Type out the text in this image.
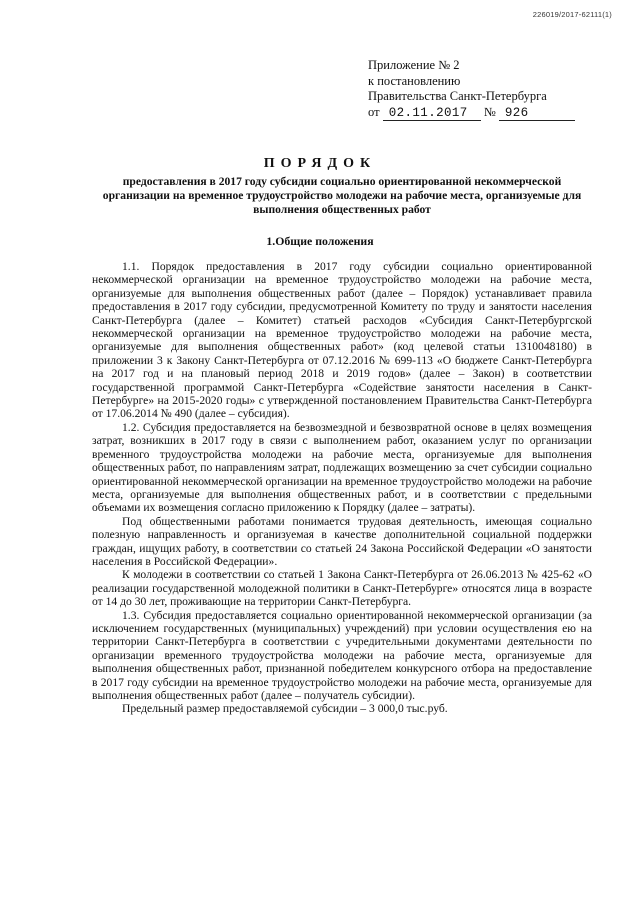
226019/2017-62111(1)
Приложение № 2
к постановлению
Правительства Санкт-Петербурга
от 02.11.2017 № 926
ПОРЯДОК
предоставления в 2017 году субсидии социально ориентированной некоммерческой организации на временное трудоустройство молодежи на рабочие места, организуемые для выполнения общественных работ
1.Общие положения

1.1. Порядок предоставления в 2017 году субсидии социально ориентированной некоммерческой организации на временное трудоустройство молодежи на рабочие места, организуемые для выполнения общественных работ (далее – Порядок) устанавливает правила предоставления в 2017 году субсидии, предусмотренной Комитету по труду и занятости населения Санкт-Петербурга (далее – Комитет) статьей расходов «Субсидия Санкт-Петербургской некоммерческой организации на временное трудоустройство молодежи на рабочие места, организуемые для выполнения общественных работ» (код целевой статьи 1310048180) в приложении 3 к Закону Санкт-Петербурга от 07.12.2016 № 699-113 «О бюджете Санкт-Петербурга на 2017 год и на плановый период 2018 и 2019 годов» (далее – Закон) в соответствии государственной программой Санкт-Петербурга «Содействие занятости населения в Санкт-Петербурге» на 2015-2020 годы» с утвержденной постановлением Правительства Санкт-Петербурга от 17.06.2014 № 490 (далее – субсидия).

1.2. Субсидия предоставляется на безвозмездной и безвозвратной основе в целях возмещения затрат, возникших в 2017 году в связи с выполнением работ, оказанием услуг по организации временного трудоустройства молодежи на рабочие места, организуемые для выполнения общественных работ, по направлениям затрат, подлежащих возмещению за счет субсидии социально ориентированной некоммерческой организации на временное трудоустройство молодежи на рабочие места, организуемые для выполнения общественных работ, и в соответствии с предельными объемами их возмещения согласно приложению к Порядку (далее – затраты).

Под общественными работами понимается трудовая деятельность, имеющая социально полезную направленность и организуемая в качестве дополнительной социальной поддержки граждан, ищущих работу, в соответствии со статьей 24 Закона Российской Федерации «О занятости населения в Российской Федерации».

К молодежи в соответствии со статьей 1 Закона Санкт-Петербурга от 26.06.2013 № 425-62 «О реализации государственной молодежной политики в Санкт-Петербурге» относятся лица в возрасте от 14 до 30 лет, проживающие на территории Санкт-Петербурга.

1.3. Субсидия предоставляется социально ориентированной некоммерческой организации (за исключением государственных (муниципальных) учреждений) при условии осуществления ею на территории Санкт-Петербурга в соответствии с учредительными документами деятельности по организации временного трудоустройства молодежи на рабочие места, организуемые для выполнения общественных работ, признанной победителем конкурсного отбора на предоставление в 2017 году субсидии на временное трудоустройство молодежи на рабочие места, организуемые для выполнения общественных работ (далее – получатель субсидии).

Предельный размер предоставляемой субсидии – 3 000,0 тыс.руб.
